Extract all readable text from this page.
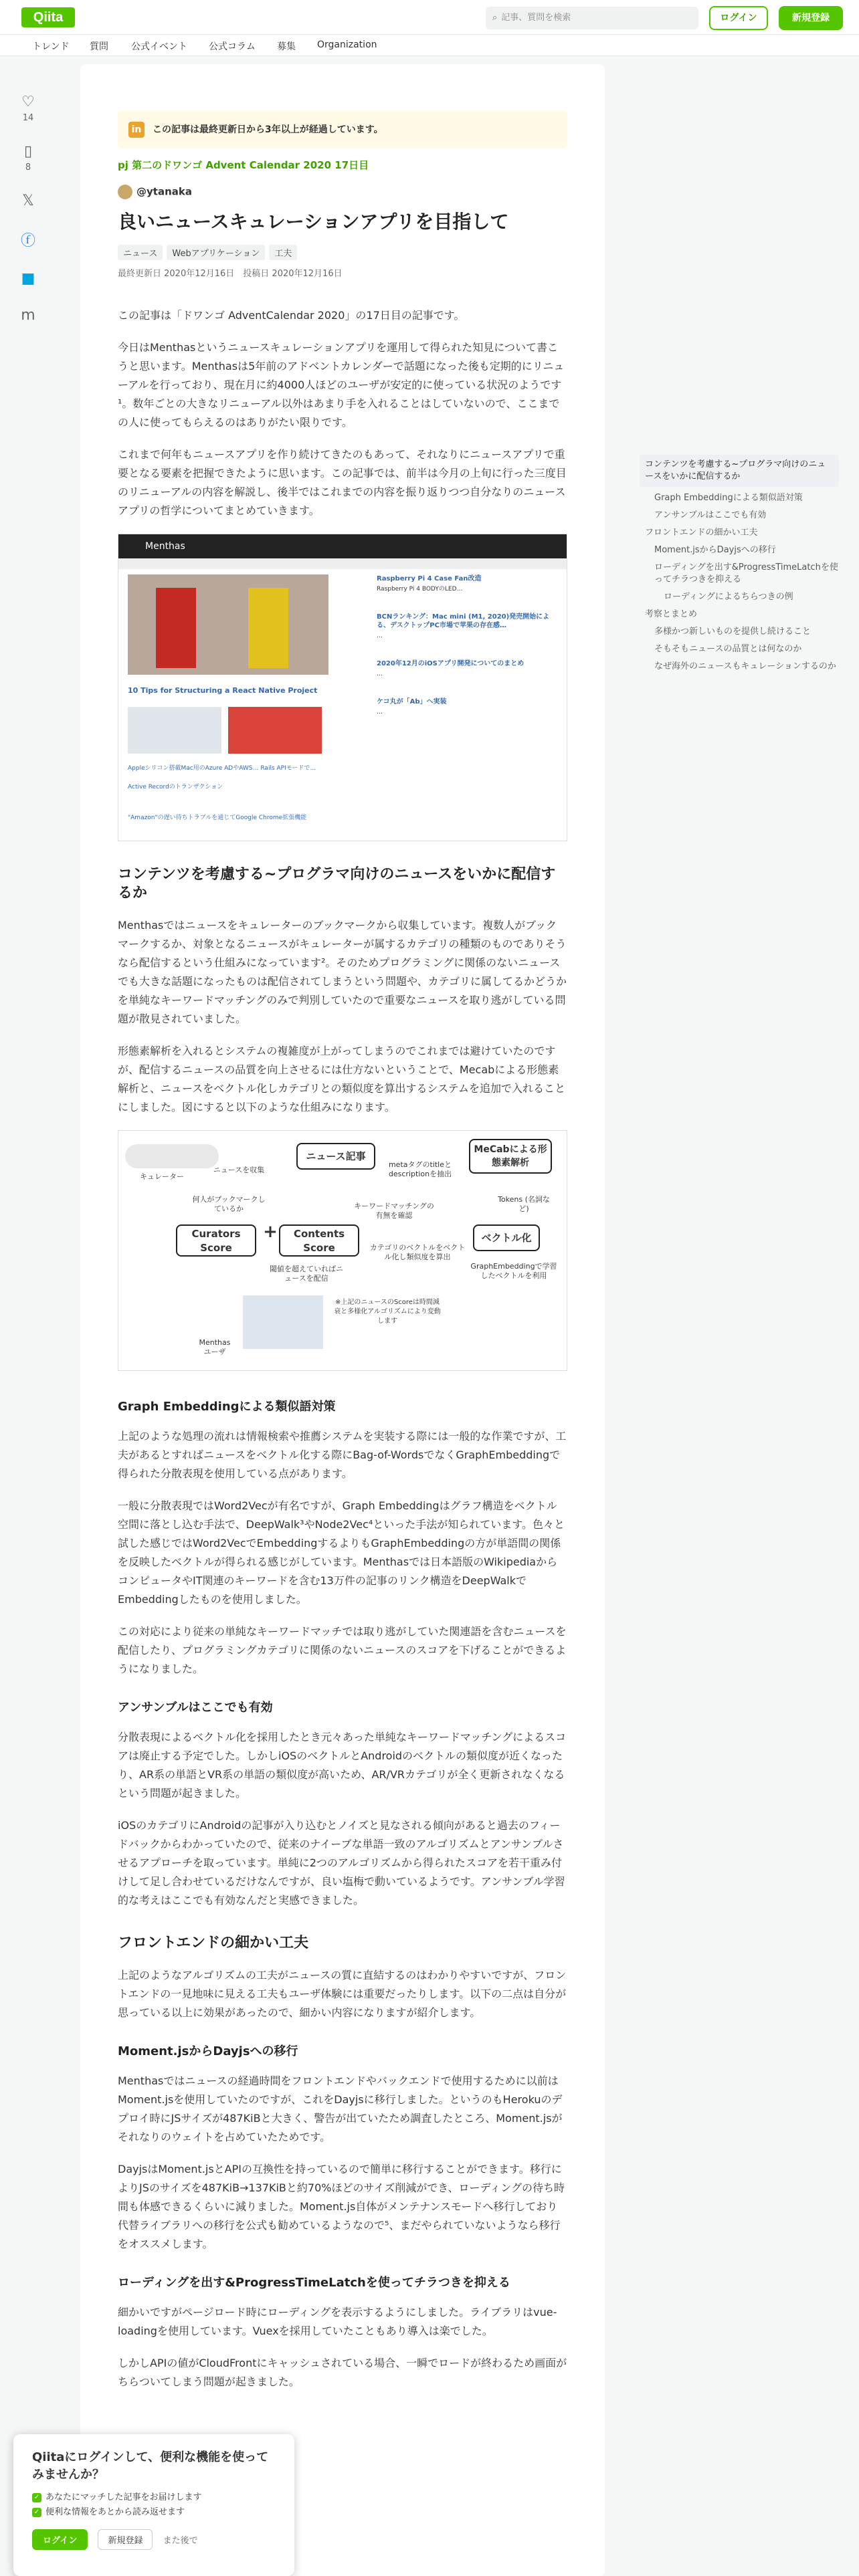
Qiita	⌕ 記事、質問を検索	ログイン	新規登録
トレンド 質問 公式イベント 公式コラム 募集 Organization
♡
14
▯
8
𝕏
ⓕ
■
m
in	この記事は最終更新日から3年以上が経過しています。
pj 第二のドワンゴ Advent Calendar 2020 17日目
@ytanaka
良いニュースキュレーションアプリを目指して
ニュース Webアプリケーション 工夫
最終更新日 2020年12月16日　投稿日 2020年12月16日

この記事は「ドワンゴ AdventCalendar 2020」の17日目の記事です。

今日はMenthasというニュースキュレーションアプリを運用して得られた知見について書こうと思います。Menthasは5年前のアドベントカレンダーで話題になった後も定期的にリニューアルを行っており、現在月に約4000人ほどのユーザが安定的に使っている状況のようです¹。数年ごとの大きなリニューアル以外はあまり手を入れることはしていないので、ここまでの人に使ってもらえるのはありがたい限りです。

これまで何年もニュースアプリを作り続けてきたのもあって、それなりにニュースアプリで重要となる要素を把握できたように思います。この記事では、前半は今月の上旬に行った三度目のリニューアルの内容を解説し、後半ではこれまでの内容を振り返りつつ自分なりのニュースアプリの哲学についてまとめていきます。

Menthas
10 Tips for Structuring a React Native Project
Appleシリコン搭載Mac用のAzure ADやAWS… Rails APIモードで… Active Recordのトランザクション
"Amazon"の遅い待ちトラブルを通じてGoogle Chrome拡張機能
Raspberry Pi 4 Case Fan改造
Raspberry Pi 4 BODYのLED…
BCNランキング：Mac mini (M1, 2020)発売開始による、デスクトップPC市場で苹果の存在感…
…
2020年12月のiOSアプリ開発についてのまとめ
…
ケコ丸が「Ab」へ実装
…
コンテンツを考慮する~プログラマ向けのニュースをいかに配信するか

Menthasではニュースをキュレーターのブックマークから収集しています。複数人がブックマークするか、対象となるニュースがキュレーターが属するカテゴリの種類のものでありそうなら配信するという仕組みになっています²。そのためプログラミングに関係のないニュースでも大きな話題になったものは配信されてしまうという問題や、カテゴリに属してるかどうかを単純なキーワードマッチングのみで判別していたので重要なニュースを取り逃がしている問題が散見されていました。

形態素解析を入れるとシステムの複雑度が上がってしまうのでこれまでは避けていたのですが、配信するニュースの品質を向上させるには仕方ないということで、Mecabによる形態素解析と、ニュースをベクトル化しカテゴリとの類似度を算出するシステムを追加で入れることにしました。図にすると以下のような仕組みになります。

キュレーター
ニュースを収集
ニュース記事
metaタグのtitleとdescriptionを抽出
MeCabによる形態素解析
何人がブックマークしているか	キーワードマッチングの有無を確認
Tokens (名詞など)
Curators Score
+	Contents Score	カテゴリのベクトルをベクトル化し類似度を算出
ベクトル化
GraphEmbeddingで学習したベクトルを利用
閾値を超えていればニュースを配信
※上記のニュースのScoreは時間減衰と多様化アルゴリズムにより変動します
Menthas ユーザ
Graph Embeddingによる類似語対策

上記のような処理の流れは情報検索や推薦システムを実装する際には一般的な作業ですが、工夫があるとすればニュースをベクトル化する際にBag-of-WordsでなくGraphEmbeddingで得られた分散表現を使用している点があります。

一般に分散表現ではWord2Vecが有名ですが、Graph Embeddingはグラフ構造をベクトル空間に落とし込む手法で、DeepWalk³やNode2Vec⁴といった手法が知られています。色々と試した感じではWord2VecでEmbeddingするよりもGraphEmbeddingの方が単語間の関係を反映したベクトルが得られる感じがしています。Menthasでは日本語版のWikipediaからコンピュータやIT関連のキーワードを含む13万件の記事のリンク構造をDeepWalkでEmbeddingしたものを使用しました。

この対応により従来の単純なキーワードマッチでは取り逃がしていた関連語を含むニュースを配信したり、プログラミングカテゴリに関係のないニュースのスコアを下げることができるようになりました。

アンサンブルはここでも有効

分散表現によるベクトル化を採用したとき元々あった単純なキーワードマッチングによるスコアは廃止する予定でした。しかしiOSのベクトルとAndroidのベクトルの類似度が近くなったり、AR系の単語とVR系の単語の類似度が高いため、AR/VRカテゴリが全く更新されなくなるという問題が起きました。

iOSのカテゴリにAndroidの記事が入り込むとノイズと見なされる傾向があると過去のフィードバックからわかっていたので、従来のナイーブな単語一致のアルゴリズムとアンサンブルさせるアプローチを取っています。単純に2つのアルゴリズムから得られたスコアを若干重み付けして足し合わせているだけなんですが、良い塩梅で動いているようです。アンサンブル学習的な考えはここでも有効なんだと実感できました。

フロントエンドの細かい工夫

上記のようなアルゴリズムの工夫がニュースの質に直結するのはわかりやすいですが、フロントエンドの一見地味に見える工夫もユーザ体験には重要だったりします。以下の二点は自分が思っている以上に効果があったので、細かい内容になりますが紹介します。

Moment.jsからDayjsへの移行

Menthasではニュースの経過時間をフロントエンドやバックエンドで使用するために以前はMoment.jsを使用していたのですが、これをDayjsに移行しました。というのもHerokuのデプロイ時にJSサイズが487KiBと大きく、警告が出ていたため調査したところ、Moment.jsがそれなりのウェイトを占めていたためです。

DayjsはMoment.jsとAPIの互換性を持っているので簡単に移行することができます。移行によりJSのサイズを487KiB→137KiBと約70%ほどのサイズ削減ができ、ローディングの待ち時間も体感できるくらいに減りました。Moment.js自体がメンテナンスモードへ移行しており代替ライブラリへの移行を公式も勧めているようなので⁵、まだやられていないようなら移行をオススメします。

ローディングを出す&ProgressTimeLatchを使ってチラつきを抑える

細かいですがページロード時にローディングを表示するようにしました。ライブラリはvue-loadingを使用しています。Vuexを採用していたこともあり導入は楽でした。

しかしAPIの値がCloudFrontにキャッシュされている場合、一瞬でロードが終わるため画面がちらついてしまう問題が起きました。

コンテンツを考慮する~プログラマ向けのニュースをいかに配信するか
Graph Embeddingによる類似語対策
アンサンブルはここでも有効
フロントエンドの細かい工夫
Moment.jsからDayjsへの移行
ローディングを出す&ProgressTimeLatchを使ってチラつきを抑える
ローディングによるちらつきの例
考察とまとめ
多様かつ新しいものを提供し続けること
そもそもニュースの品質とは何なのか
なぜ海外のニュースもキュレーションするのか
Qiitaにログインして、便利な機能を使ってみませんか？
✓ あなたにマッチした記事をお届けします
✓ 便利な情報をあとから読み返せます
ログイン	新規登録 また後で
